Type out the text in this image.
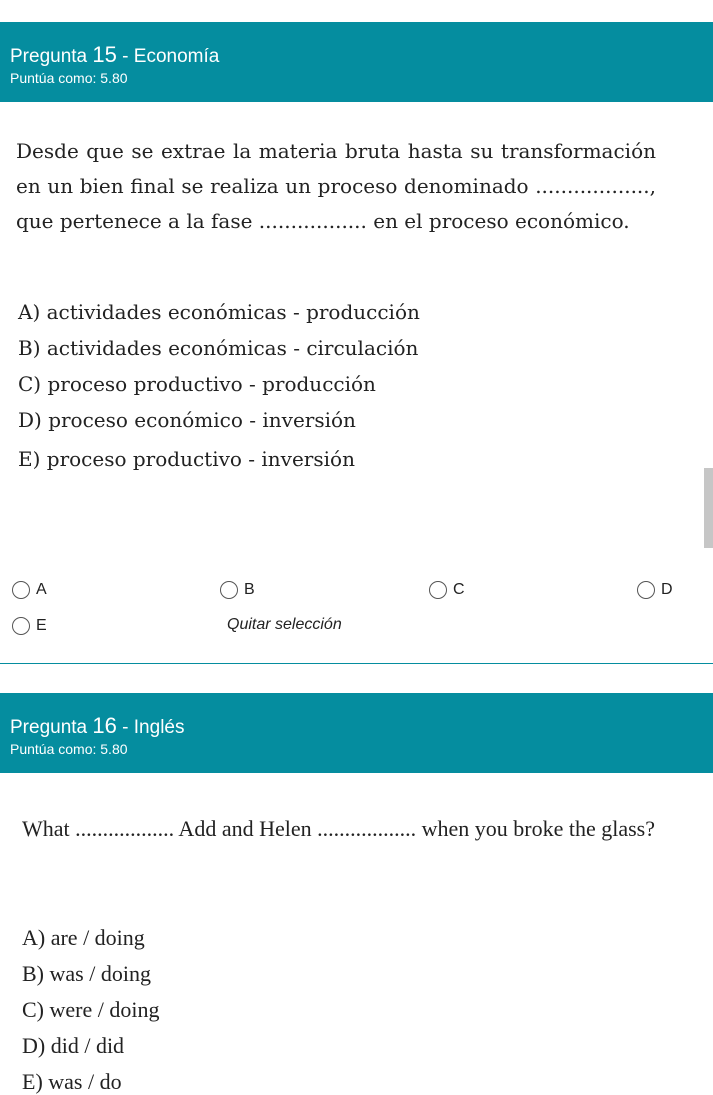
Pregunta 15 - Economía
Puntúa como: 5.80
Desde que se extrae la materia bruta hasta su transformación en un bien final se realiza un proceso denominado .................., que pertenece a la fase ................. en el proceso económico.
A) actividades económicas - producción
B) actividades económicas - circulación
C) proceso productivo - producción
D) proceso económico - inversión
E) proceso productivo - inversión
A	B	C	D
E	Quitar selección
Pregunta 16 - Inglés
Puntúa como: 5.80
What .................. Add and Helen .................. when you broke the glass?
A) are / doing
B) was / doing
C) were / doing
D) did / did
E) was / do
